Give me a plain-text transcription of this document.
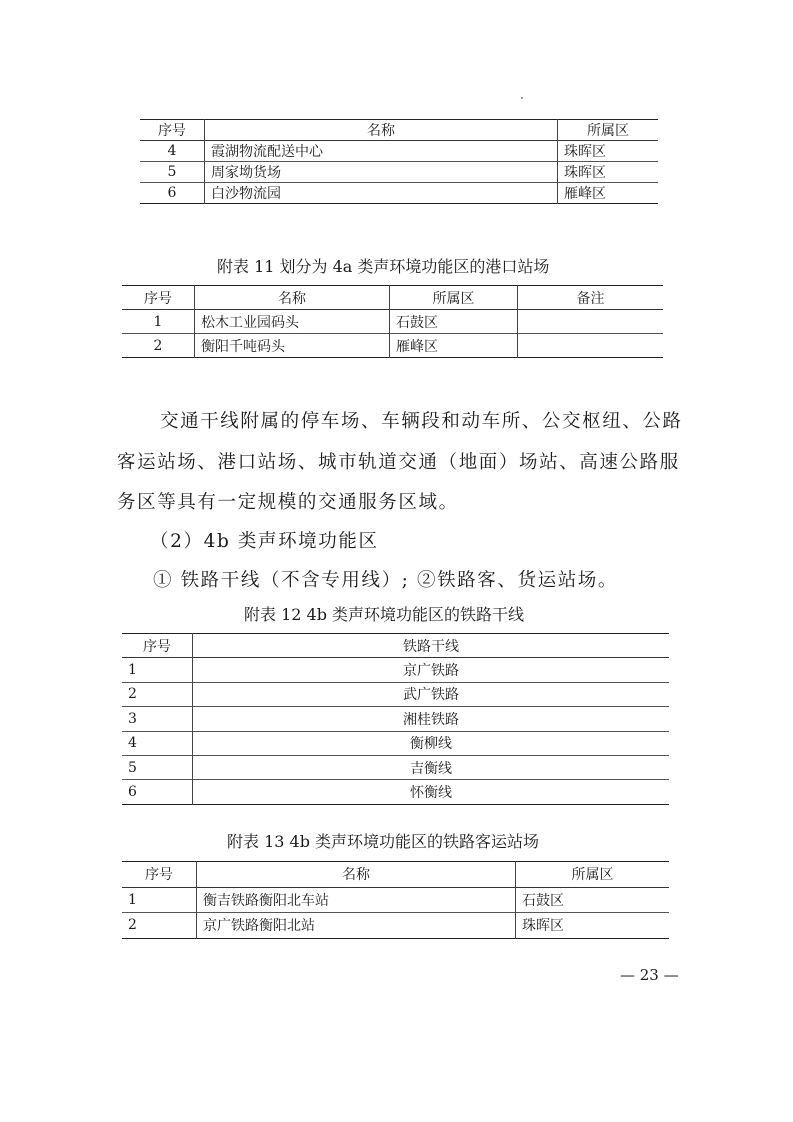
序号	名称	所属区
4	霞湖物流配送中心	珠晖区
5	周家坳货场	珠晖区
6	白沙物流园	雁峰区
附表 11 划分为 4a 类声环境功能区的港口站场
序号	名称	所属区	备注
1	松木工业园码头	石鼓区	
2	衡阳千吨码头	雁峰区	
交通干线附属的停车场、车辆段和动车所、公交枢纽、公路
客运站场、港口站场、城市轨道交通（地面）场站、高速公路服
务区等具有一定规模的交通服务区域。
（2）4b 类声环境功能区
① 铁路干线（不含专用线）; ②铁路客、货运站场。
附表 12 4b 类声环境功能区的铁路干线
序号	铁路干线
1	京广铁路
2	武广铁路
3	湘桂铁路
4	衡柳线
5	吉衡线
6	怀衡线
附表 13 4b 类声环境功能区的铁路客运站场
序号	名称	所属区
1	衡吉铁路衡阳北车站	石鼓区
2	京广铁路衡阳北站	珠晖区
— 23 —
